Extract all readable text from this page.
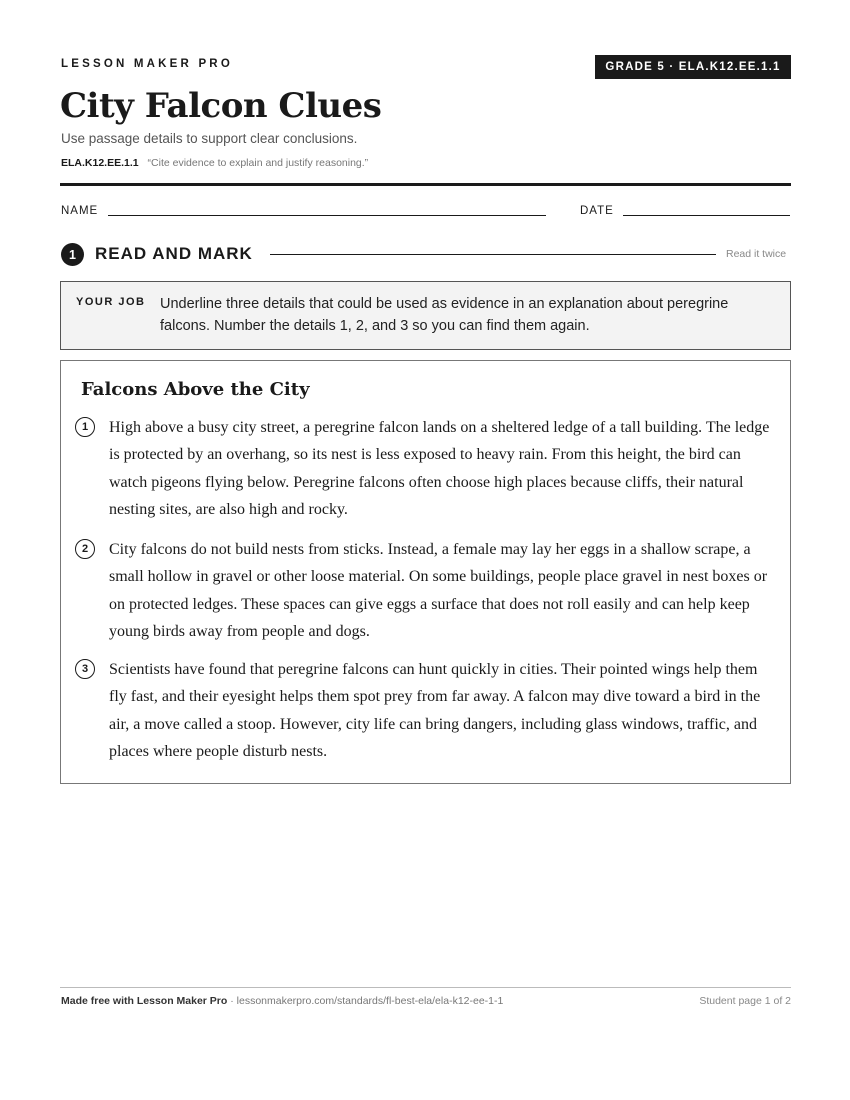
LESSON MAKER PRO	GRADE 5 · ELA.K12.EE.1.1
City Falcon Clues
Use passage details to support clear conclusions.
ELA.K12.EE.1.1 “Cite evidence to explain and justify reasoning.”
NAME	DATE
1	READ AND MARK	Read it twice
YOUR JOB Underline three details that could be used as evidence in an explanation about peregrine falcons. Number the details 1, 2, and 3 so you can find them again.
Falcons Above the City
1	High above a busy city street, a peregrine falcon lands on a sheltered ledge of a tall building. The ledge is protected by an overhang, so its nest is less exposed to heavy rain. From this height, the bird can watch pigeons flying below. Peregrine falcons often choose high places because cliffs, their natural nesting sites, are also high and rocky.
2	City falcons do not build nests from sticks. Instead, a female may lay her eggs in a shallow scrape, a small hollow in gravel or other loose material. On some buildings, people place gravel in nest boxes or on protected ledges. These spaces can give eggs a surface that does not roll easily and can help keep young birds away from people and dogs.
3	Scientists have found that peregrine falcons can hunt quickly in cities. Their pointed wings help them fly fast, and their eyesight helps them spot prey from far away. A falcon may dive toward a bird in the air, a move called a stoop. However, city life can bring dangers, including glass windows, traffic, and places where people disturb nests.
Made free with Lesson Maker Pro · lessonmakerpro.com/standards/fl-best-ela/ela-k12-ee-1-1	Student page 1 of 2
